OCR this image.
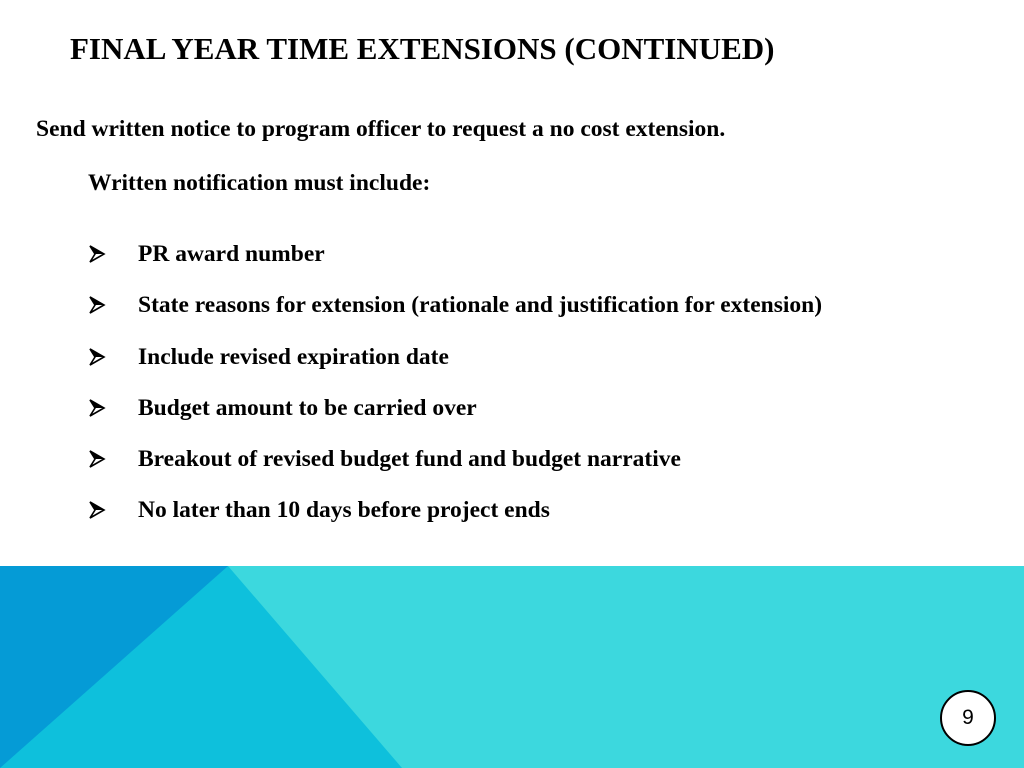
FINAL YEAR TIME EXTENSIONS (CONTINUED)

Send written notice to program officer to request a no cost extension.

Written notification must include:

PR award number
State reasons for extension (rationale and justification for extension)
Include revised expiration date
Budget amount to be carried over
Breakout of revised budget fund and budget narrative
No later than 10 days before project ends
9
